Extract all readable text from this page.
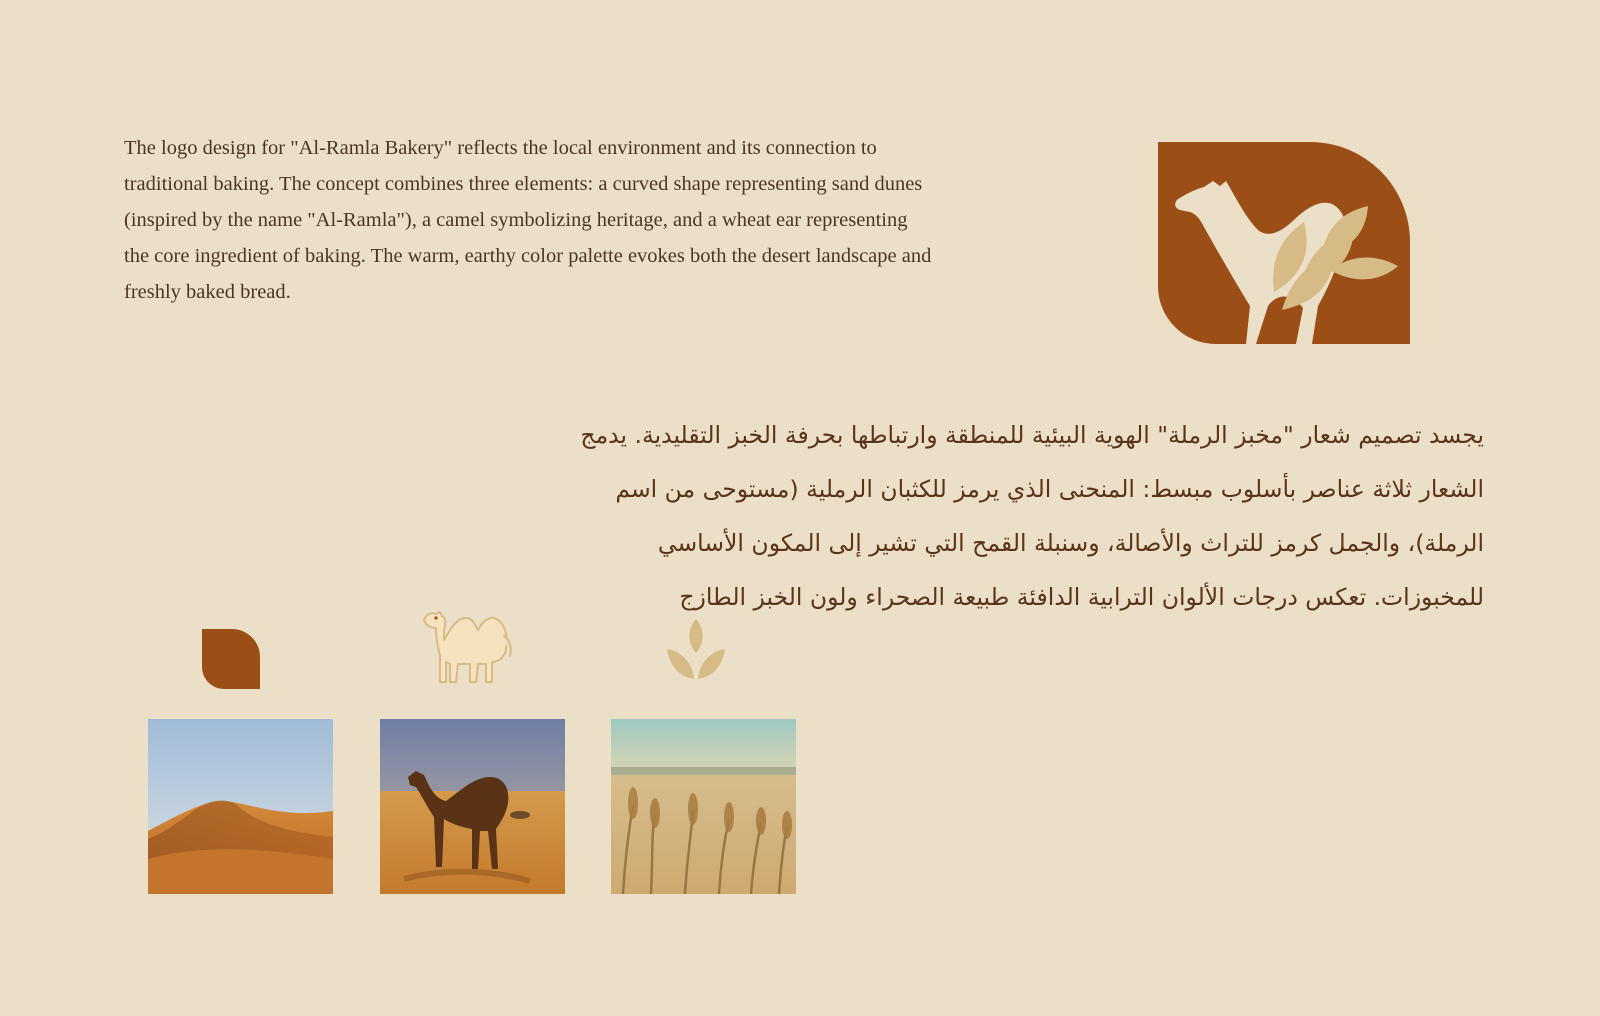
The logo design for "Al-Ramla Bakery" reflects the local environment and its connection to traditional baking. The concept combines three elements: a curved shape representing sand dunes (inspired by the name "Al-Ramla"), a camel symbolizing heritage, and a wheat ear representing the core ingredient of baking. The warm, earthy color palette evokes both the desert landscape and freshly baked bread.

يجسد تصميم شعار "مخبز الرملة" الهوية البيئية للمنطقة وارتباطها بحرفة الخبز التقليدية. يدمج الشعار ثلاثة عناصر بأسلوب مبسط: المنحنى الذي يرمز للكثبان الرملية (مستوحى من اسم الرملة)، والجمل كرمز للتراث والأصالة، وسنبلة القمح التي تشير إلى المكون الأساسي للمخبوزات. تعكس درجات الألوان الترابية الدافئة طبيعة الصحراء ولون الخبز الطازج
